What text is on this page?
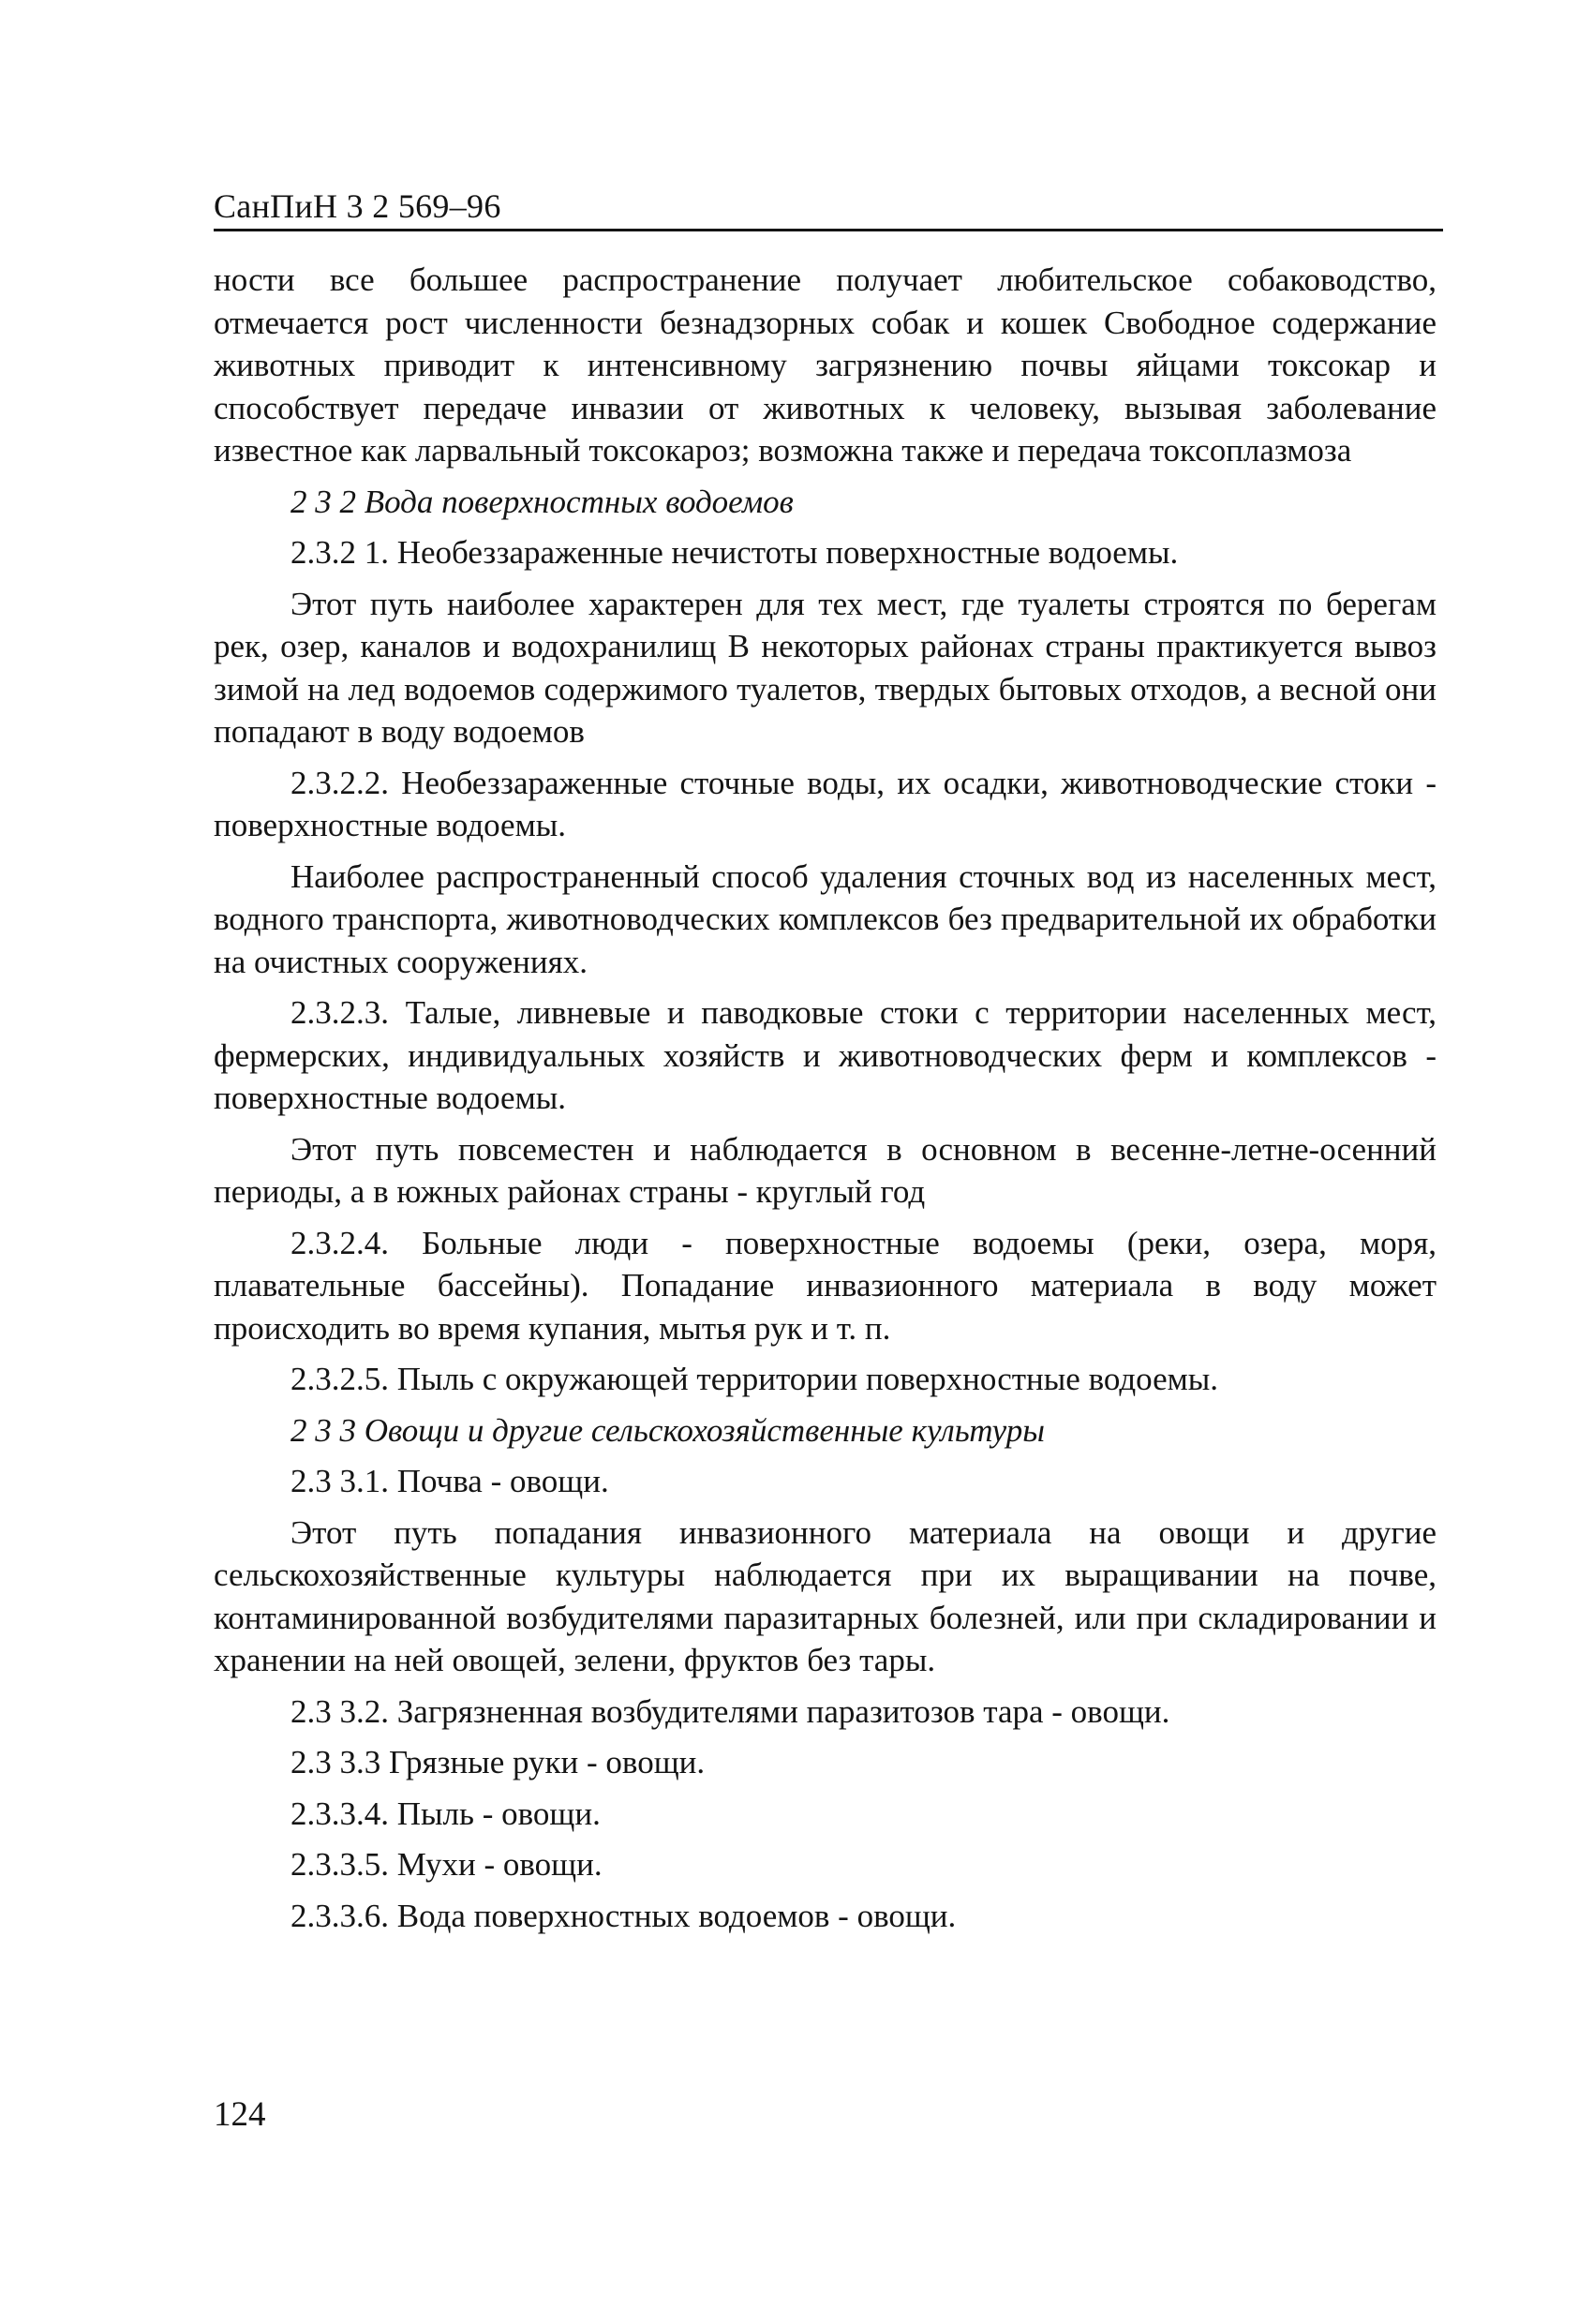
СанПиН 3 2 569–96

ности все большее распространение получает любительское собаководство, отмечается рост численности безнадзорных собак и кошек Свободное содержание животных приводит к интенсивному загрязнению почвы яйцами токсокар и способствует передаче инвазии от животных к человеку, вызывая заболевание известное как ларвальный токсокароз; возможна также и передача токсоплазмоза

2 3 2 Вода поверхностных водоемов

2.3.2 1. Необеззараженные нечистоты поверхностные водоемы.

Этот путь наиболее характерен для тех мест, где туалеты строятся по берегам рек, озер, каналов и водохранилищ В некоторых районах страны практикуется вывоз зимой на лед водоемов содержимого туалетов, твердых бытовых отходов, а весной они попадают в воду водоемов

2.3.2.2. Необеззараженные сточные воды, их осадки, животноводческие стоки - поверхностные водоемы.

Наиболее распространенный способ удаления сточных вод из населенных мест, водного транспорта, животноводческих комплексов без предварительной их обработки на очистных сооружениях.

2.3.2.3. Талые, ливневые и паводковые стоки с территории населенных мест, фермерских, индивидуальных хозяйств и животноводческих ферм и комплексов - поверхностные водоемы.

Этот путь повсеместен и наблюдается в основном в весенне-летне-осенний периоды, а в южных районах страны - круглый год

2.3.2.4. Больные люди - поверхностные водоемы (реки, озера, моря, плавательные бассейны). Попадание инвазионного материала в воду может происходить во время купания, мытья рук и т. п.

2.3.2.5. Пыль с окружающей территории поверхностные водоемы.

2 3 3 Овощи и другие сельскохозяйственные культуры

2.3 3.1. Почва - овощи.

Этот путь попадания инвазионного материала на овощи и другие сельскохозяйственные культуры наблюдается при их выращивании на почве, контаминированной возбудителями паразитарных болезней, или при складировании и хранении на ней овощей, зелени, фруктов без тары.

2.3 3.2. Загрязненная возбудителями паразитозов тара - овощи.

2.3 3.3 Грязные руки - овощи.

2.3.3.4. Пыль - овощи.

2.3.3.5. Мухи - овощи.

2.3.3.6. Вода поверхностных водоемов - овощи.

124
